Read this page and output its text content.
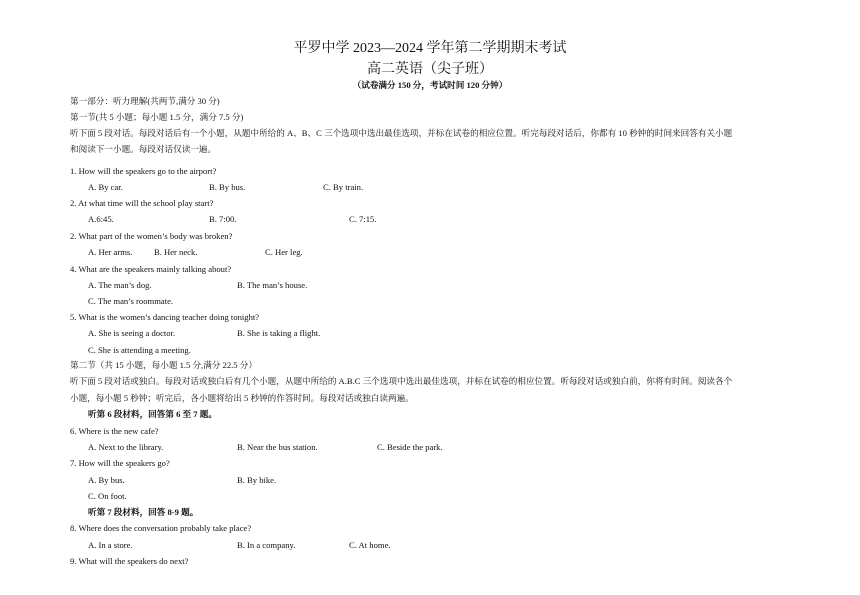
平罗中学 2023—2024 学年第二学期期末考试
高二英语（尖子班）
（试卷满分 150 分，考试时间 120 分钟）
第一部分：听力理解(共两节,满分 30 分)
第一节(共 5 小题；每小题 1.5 分，满分 7.5 分)
听下面 5 段对话。每段对话后有一个小题，从题中所给的 A、B、C 三个选项中选出最佳选项，并标在试卷的相应位置。听完每段对话后，你都有 10 秒钟的时间来回答有关小题
和阅读下一小题。每段对话仅读一遍。
1. How will the speakers go to the airport?
A. By car.	B. By bus.	C. By train.
2. At what time will the school play start?
A.6:45.	B. 7:00.	C. 7:15.
2. What part of the women’s body was broken?
A. Her arms.	B. Her neck.	C. Her leg.
4. What are the speakers mainly talking about?
A. The man’s dog.	B. The man’s house.
C. The man’s roommate.
5. What is the women’s dancing teacher doing tonight?
A. She is seeing a doctor.	B. She is taking a flight.
C. She is attending a meeting.
第二节（共 15 小题，每小题 1.5 分,满分 22.5 分）
听下面 5 段对话或独白。每段对话或独白后有几个小题，从题中所给的 A.B.C 三个选项中选出最佳选项，并标在试卷的相应位置。听每段对话或独白前，你将有时间。阅读各个
小题，每小题 5 秒钟；听完后，各小题将给出 5 秒钟的作答时间。每段对话或独白读两遍。
听第 6 段材料，回答第 6 至 7 题。
6. Where is the new cafe?
A. Next to the library.	B. Near the bus station.	C. Beside the park.
7. How will the speakers go?
A. By bus.	B. By bike.
C. On foot.
听第 7 段材料，回答 8-9 题。
8. Where does the conversation probably take place?
A. In a store.	B. In a company.	C. At home.
9. What will the speakers do next?
